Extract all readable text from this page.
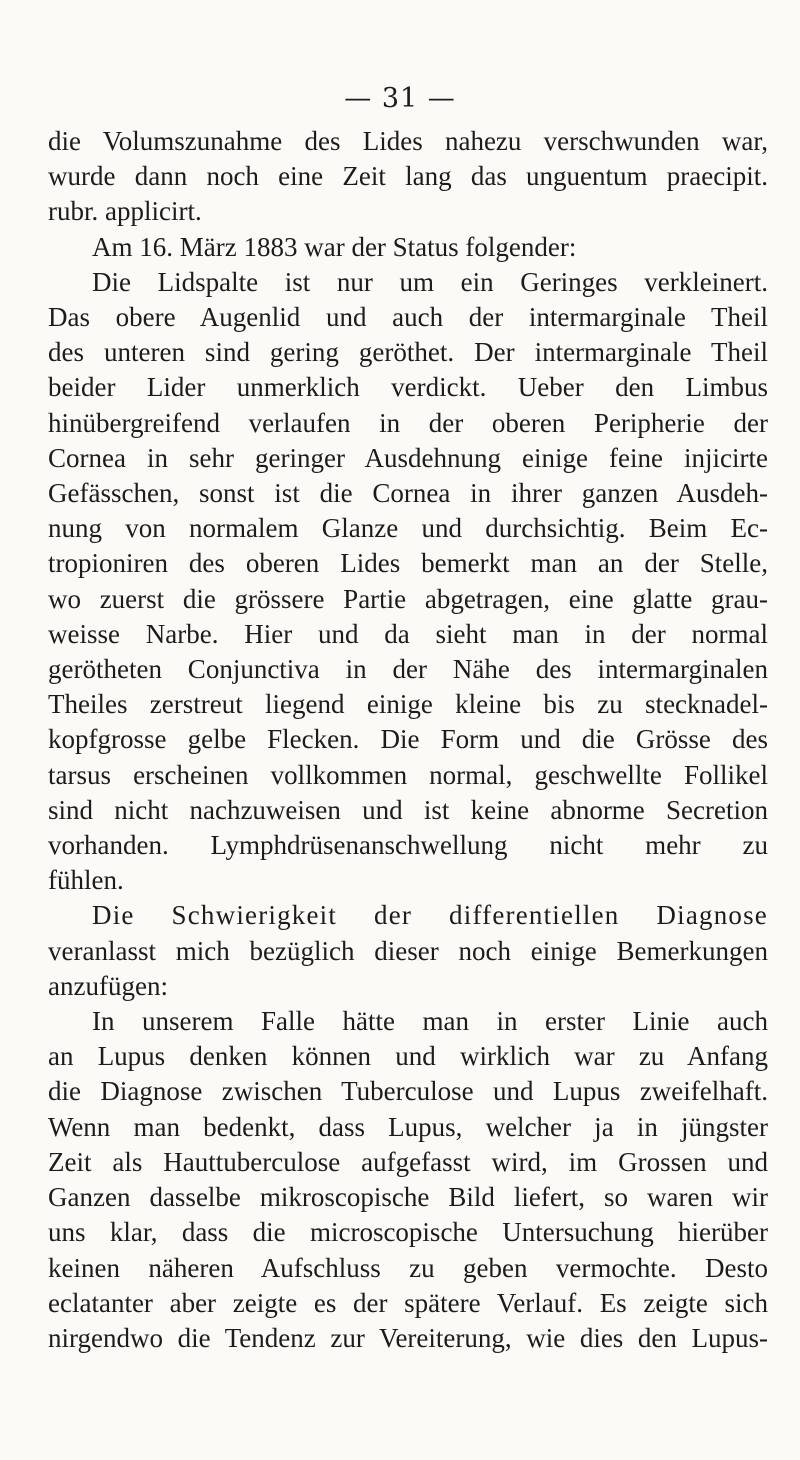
— 31 —
die Volumszunahme des Lides nahezu verschwunden war,
wurde dann noch eine Zeit lang das unguentum praecipit.
rubr. applicirt.
Am 16. März 1883 war der Status folgender:
Die Lidspalte ist nur um ein Geringes verkleinert.
Das obere Augenlid und auch der intermarginale Theil
des unteren sind gering geröthet. Der intermarginale Theil
beider Lider unmerklich verdickt. Ueber den Limbus
hinübergreifend verlaufen in der oberen Peripherie der
Cornea in sehr geringer Ausdehnung einige feine injicirte
Gefässchen, sonst ist die Cornea in ihrer ganzen Ausdeh-
nung von normalem Glanze und durchsichtig. Beim Ec-
tropioniren des oberen Lides bemerkt man an der Stelle,
wo zuerst die grössere Partie abgetragen, eine glatte grau-
weisse Narbe. Hier und da sieht man in der normal
gerötheten Conjunctiva in der Nähe des intermarginalen
Theiles zerstreut liegend einige kleine bis zu stecknadel-
kopfgrosse gelbe Flecken. Die Form und die Grösse des
tarsus erscheinen vollkommen normal, geschwellte Follikel
sind nicht nachzuweisen und ist keine abnorme Secretion
vorhanden. Lymphdrüsenanschwellung nicht mehr zu
fühlen.
Die Schwierigkeit der differentiellen Diagnose
veranlasst mich bezüglich dieser noch einige Bemerkungen
anzufügen:
In unserem Falle hätte man in erster Linie auch
an Lupus denken können und wirklich war zu Anfang
die Diagnose zwischen Tuberculose und Lupus zweifelhaft.
Wenn man bedenkt, dass Lupus, welcher ja in jüngster
Zeit als Hauttuberculose aufgefasst wird, im Grossen und
Ganzen dasselbe mikroscopische Bild liefert, so waren wir
uns klar, dass die microscopische Untersuchung hierüber
keinen näheren Aufschluss zu geben vermochte. Desto
eclatanter aber zeigte es der spätere Verlauf. Es zeigte sich
nirgendwo die Tendenz zur Vereiterung, wie dies den Lupus-
